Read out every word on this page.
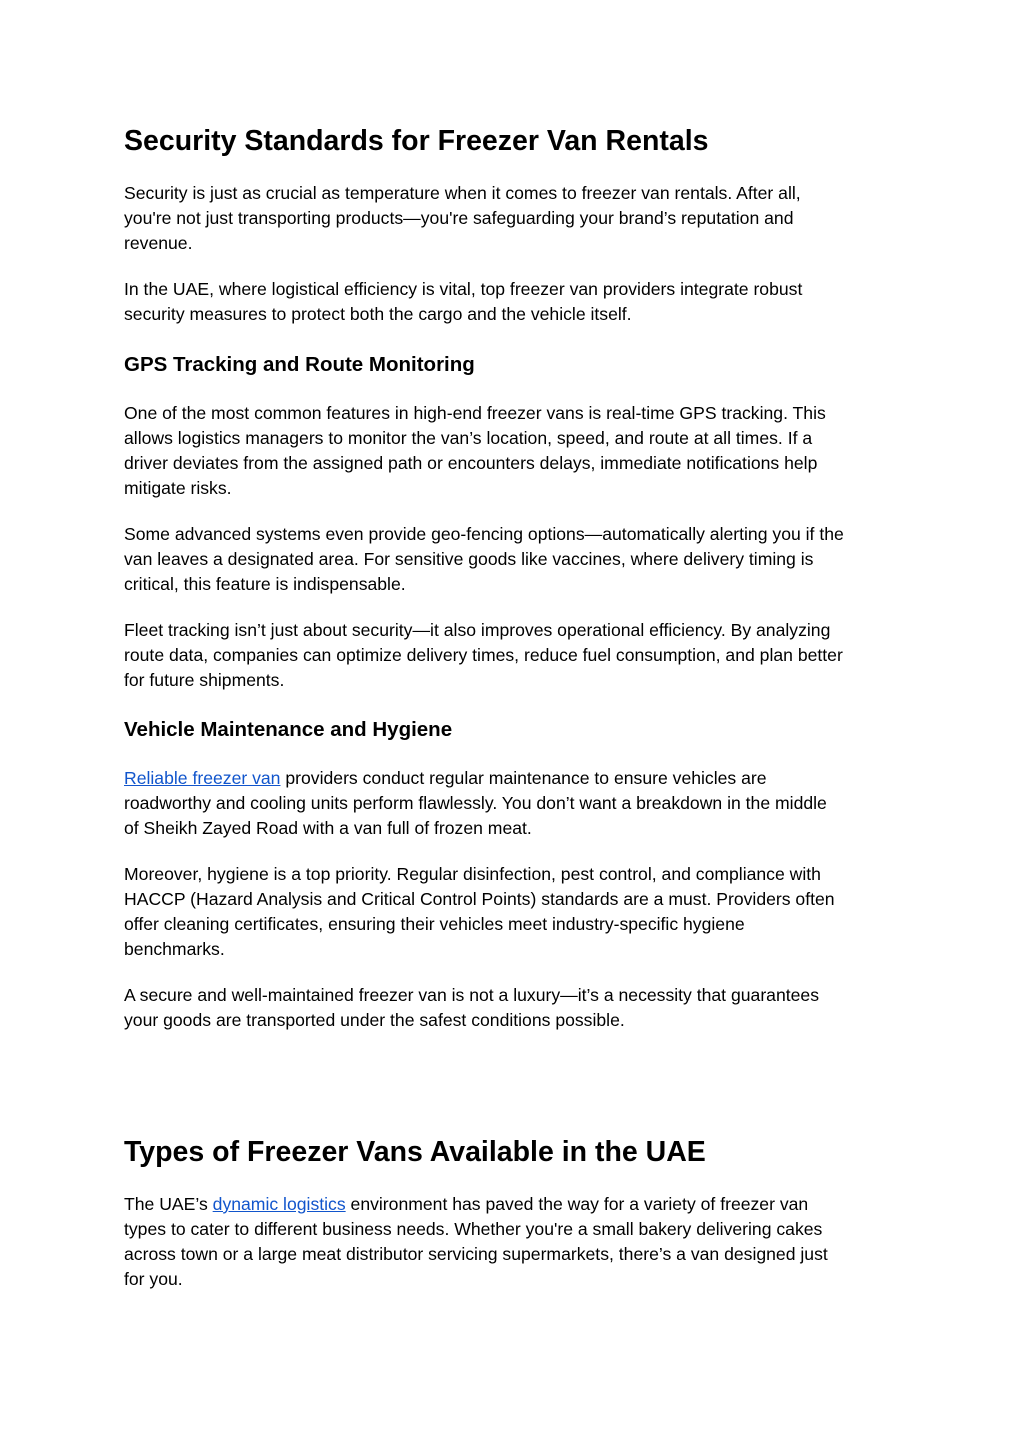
Security Standards for Freezer Van Rentals
Security is just as crucial as temperature when it comes to freezer van rentals. After all,
you're not just transporting products—you're safeguarding your brand’s reputation and
revenue.
In the UAE, where logistical efficiency is vital, top freezer van providers integrate robust
security measures to protect both the cargo and the vehicle itself.
GPS Tracking and Route Monitoring
One of the most common features in high-end freezer vans is real-time GPS tracking. This
allows logistics managers to monitor the van’s location, speed, and route at all times. If a
driver deviates from the assigned path or encounters delays, immediate notifications help
mitigate risks.
Some advanced systems even provide geo-fencing options—automatically alerting you if the
van leaves a designated area. For sensitive goods like vaccines, where delivery timing is
critical, this feature is indispensable.
Fleet tracking isn’t just about security—it also improves operational efficiency. By analyzing
route data, companies can optimize delivery times, reduce fuel consumption, and plan better
for future shipments.
Vehicle Maintenance and Hygiene
Reliable freezer van providers conduct regular maintenance to ensure vehicles are
roadworthy and cooling units perform flawlessly. You don’t want a breakdown in the middle
of Sheikh Zayed Road with a van full of frozen meat.
Moreover, hygiene is a top priority. Regular disinfection, pest control, and compliance with
HACCP (Hazard Analysis and Critical Control Points) standards are a must. Providers often
offer cleaning certificates, ensuring their vehicles meet industry-specific hygiene
benchmarks.
A secure and well-maintained freezer van is not a luxury—it’s a necessity that guarantees
your goods are transported under the safest conditions possible.
Types of Freezer Vans Available in the UAE
The UAE’s dynamic logistics environment has paved the way for a variety of freezer van
types to cater to different business needs. Whether you're a small bakery delivering cakes
across town or a large meat distributor servicing supermarkets, there’s a van designed just
for you.
